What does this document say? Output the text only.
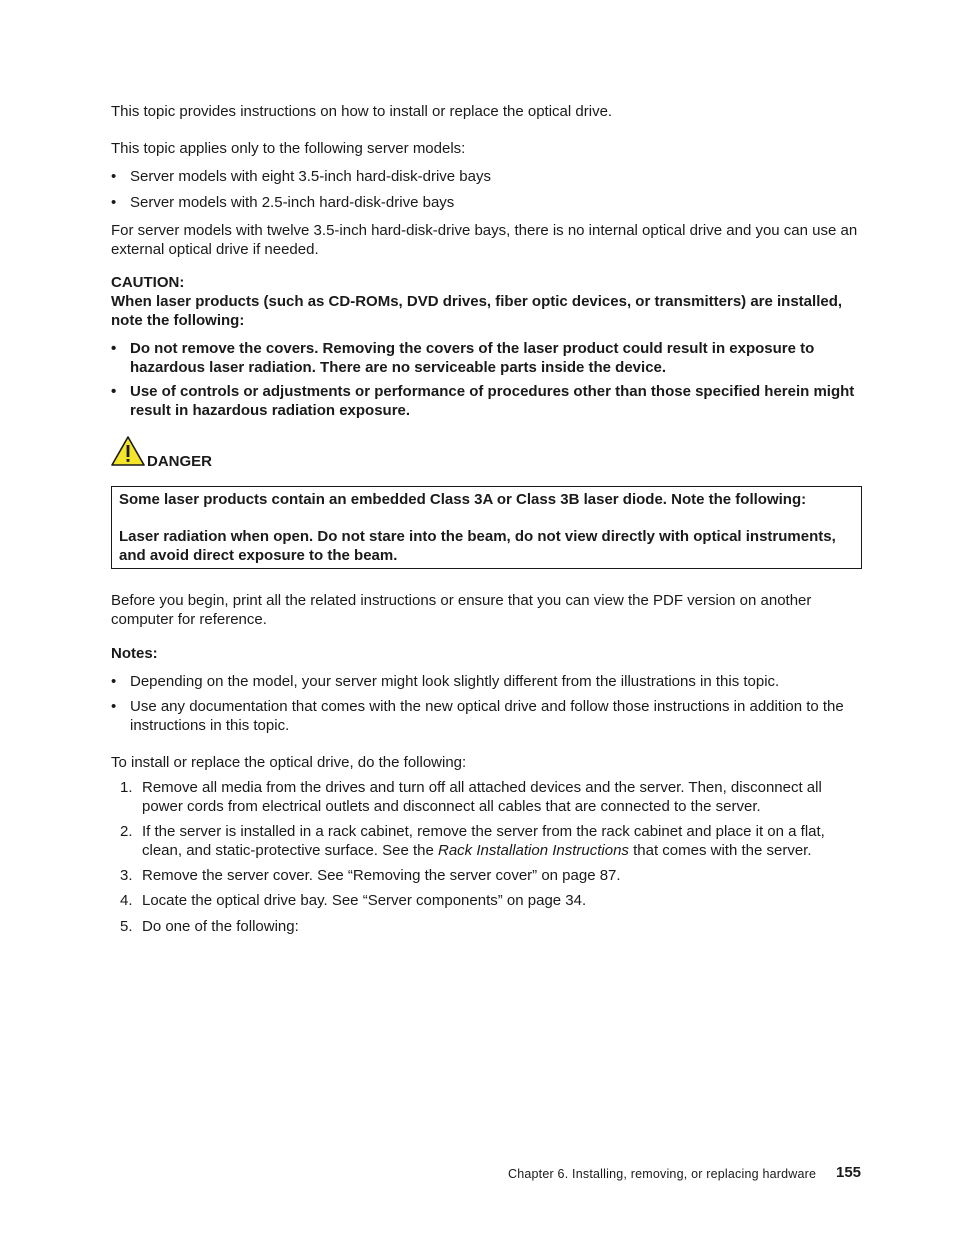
This topic provides instructions on how to install or replace the optical drive.

This topic applies only to the following server models:

• Server models with eight 3.5-inch hard-disk-drive bays
• Server models with 2.5-inch hard-disk-drive bays

For server models with twelve 3.5-inch hard-disk-drive bays, there is no internal optical drive and you can use an external optical drive if needed.

CAUTION:

When laser products (such as CD-ROMs, DVD drives, fiber optic devices, or transmitters) are installed, note the following:

• Do not remove the covers. Removing the covers of the laser product could result in exposure to hazardous laser radiation. There are no serviceable parts inside the device.
• Use of controls or adjustments or performance of procedures other than those specified herein might result in hazardous radiation exposure.

DANGER

Some laser products contain an embedded Class 3A or Class 3B laser diode. Note the following:

Laser radiation when open. Do not stare into the beam, do not view directly with optical instruments, and avoid direct exposure to the beam.

Before you begin, print all the related instructions or ensure that you can view the PDF version on another computer for reference.

Notes:

• Depending on the model, your server might look slightly different from the illustrations in this topic.
• Use any documentation that comes with the new optical drive and follow those instructions in addition to the instructions in this topic.

To install or replace the optical drive, do the following:

1. Remove all media from the drives and turn off all attached devices and the server. Then, disconnect all power cords from electrical outlets and disconnect all cables that are connected to the server.
2. If the server is installed in a rack cabinet, remove the server from the rack cabinet and place it on a flat, clean, and static-protective surface. See the Rack Installation Instructions that comes with the server.
3. Remove the server cover. See “Removing the server cover” on page 87.
4. Locate the optical drive bay. See “Server components” on page 34.
5. Do one of the following:
Chapter 6. Installing, removing, or replacing hardware 155
